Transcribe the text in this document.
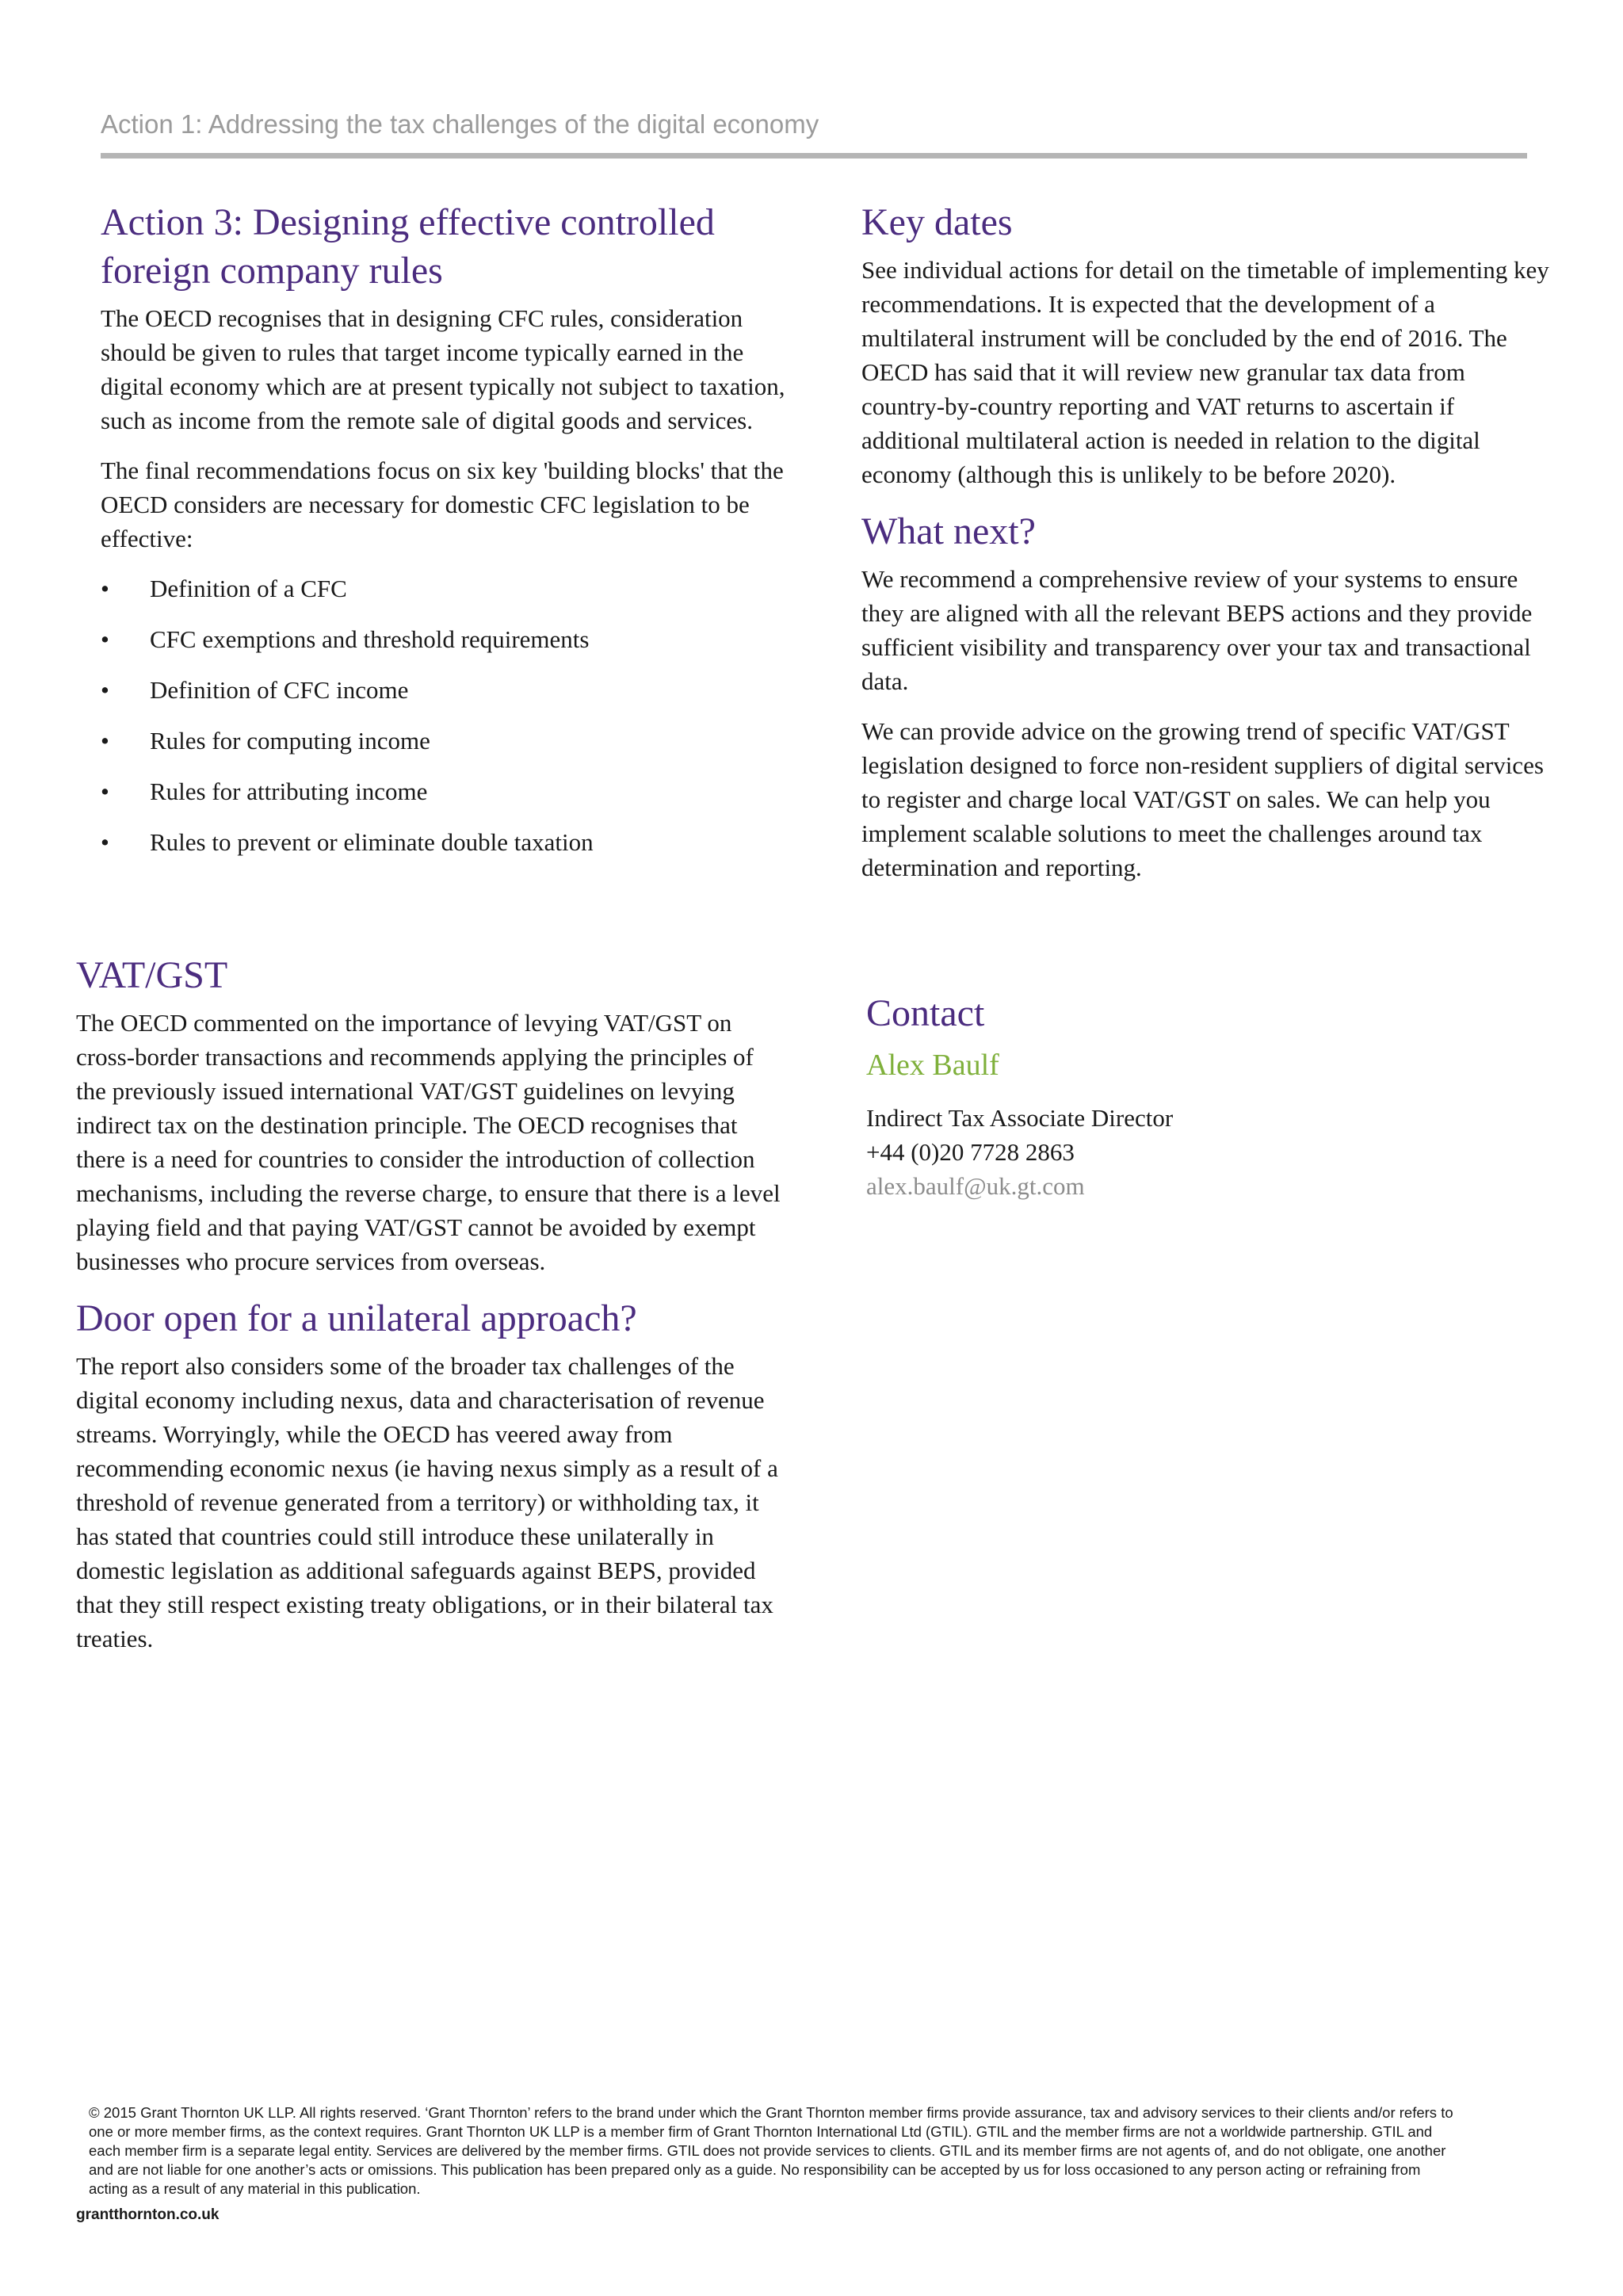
Action 1: Addressing the tax challenges of the digital economy
Action 3: Designing effective controlled foreign company rules

The OECD recognises that in designing CFC rules, consideration should be given to rules that target income typically earned in the digital economy which are at present typically not subject to taxation, such as income from the remote sale of digital goods and services.

The final recommendations focus on six key 'building blocks' that the OECD considers are necessary for domestic CFC legislation to be effective:

•	Definition of a CFC
•	CFC exemptions and threshold requirements
•	Definition of CFC income
•	Rules for computing income
•	Rules for attributing income
•	Rules to prevent or eliminate double taxation
VAT/GST

The OECD commented on the importance of levying VAT/GST on cross-border transactions and recommends applying the principles of the previously issued international VAT/GST guidelines on levying indirect tax on the destination principle. The OECD recognises that there is a need for countries to consider the introduction of collection mechanisms, including the reverse charge, to ensure that there is a level playing field and that paying VAT/GST cannot be avoided by exempt businesses who procure services from overseas.

Door open for a unilateral approach?

The report also considers some of the broader tax challenges of the digital economy including nexus, data and characterisation of revenue streams. Worryingly, while the OECD has veered away from recommending economic nexus (ie having nexus simply as a result of a threshold of revenue generated from a territory) or withholding tax, it has stated that countries could still introduce these unilaterally in domestic legislation as additional safeguards against BEPS, provided that they still respect existing treaty obligations, or in their bilateral tax treaties.

Key dates

See individual actions for detail on the timetable of implementing key recommendations. It is expected that the development of a multilateral instrument will be concluded by the end of 2016. The OECD has said that it will review new granular tax data from country-by-country reporting and VAT returns to ascertain if additional multilateral action is needed in relation to the digital economy (although this is unlikely to be before 2020).

What next?

We recommend a comprehensive review of your systems to ensure they are aligned with all the relevant BEPS actions and they provide sufficient visibility and transparency over your tax and transactional data.

We can provide advice on the growing trend of specific VAT/GST legislation designed to force non-resident suppliers of digital services to register and charge local VAT/GST on sales. We can help you implement scalable solutions to meet the challenges around tax determination and reporting.

Contact
Alex Baulf
Indirect Tax Associate Director
+44 (0)20 7728 2863
alex.baulf@uk.gt.com
© 2015 Grant Thornton UK LLP. All rights reserved. ‘Grant Thornton’ refers to the brand under which the Grant Thornton member firms provide assurance, tax and advisory services to their clients and/or refers to one or more member firms, as the context requires. Grant Thornton UK LLP is a member firm of Grant Thornton International Ltd (GTIL). GTIL and the member firms are not a worldwide partnership. GTIL and each member firm is a separate legal entity. Services are delivered by the member firms. GTIL does not provide services to clients. GTIL and its member firms are not agents of, and do not obligate, one another and are not liable for one another’s acts or omissions. This publication has been prepared only as a guide. No responsibility can be accepted by us for loss occasioned to any person acting or refraining from acting as a result of any material in this publication.
grantthornton.co.uk
